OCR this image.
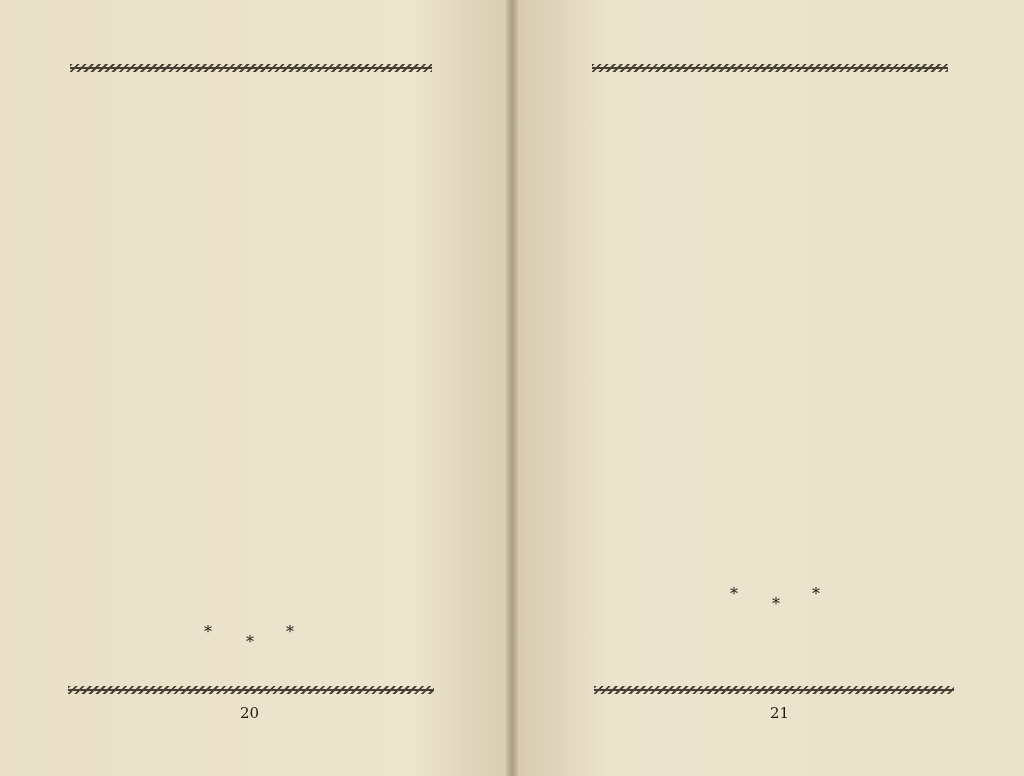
*
*
*
20
*
*
*
21
